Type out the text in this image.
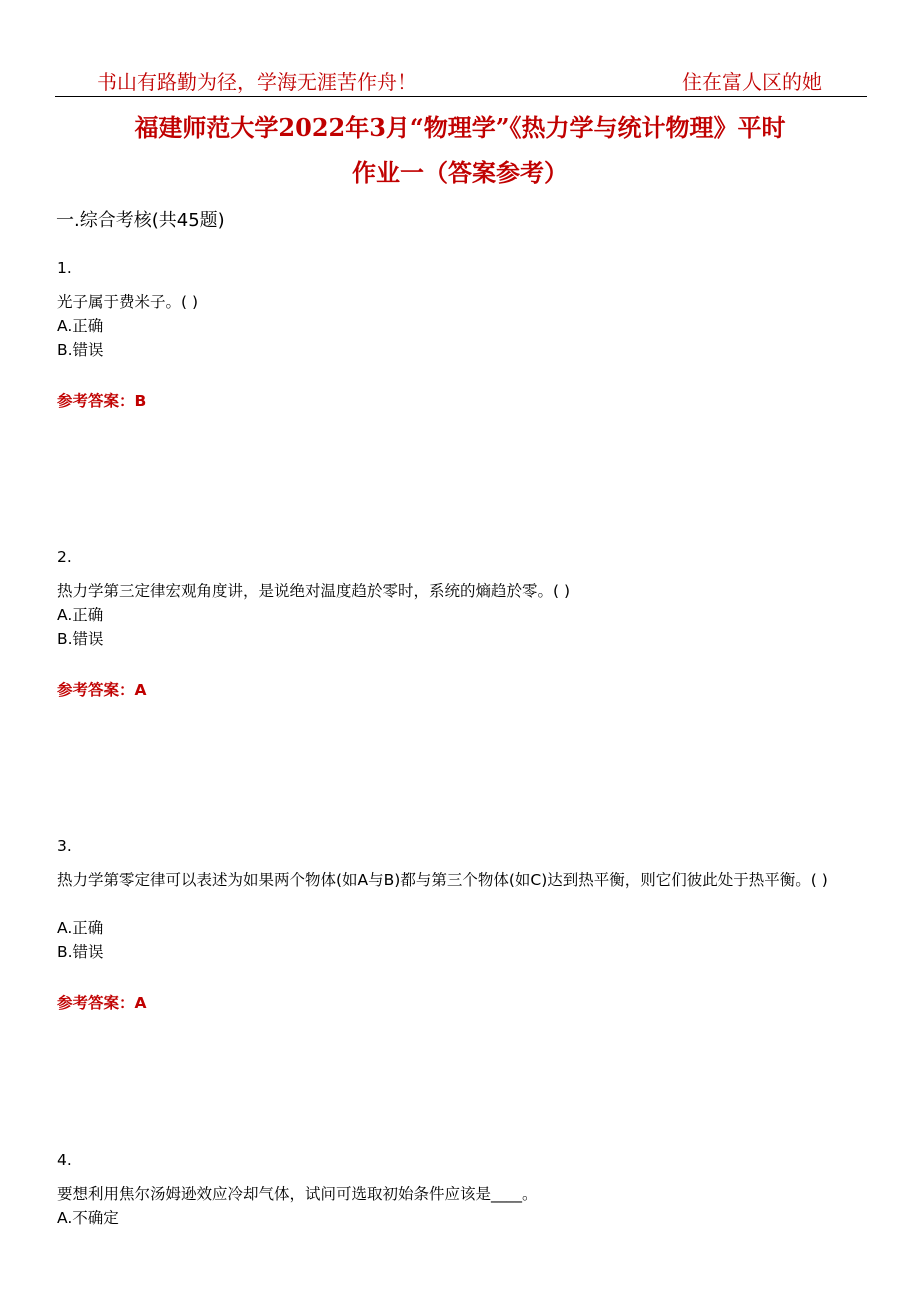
书山有路勤为径，学海无涯苦作舟！	住在富人区的她
福建师范大学2022年3月“物理学”《热力学与统计物理》平时
作业一（答案参考）
一.综合考核(共45题)
1.
光子属于费米子。( )
A.正确
B.错误
参考答案：B
2.
热力学第三定律宏观角度讲，是说绝对温度趋於零时，系统的熵趋於零。( )
A.正确
B.错误
参考答案：A
3.
热力学第零定律可以表述为如果两个物体(如A与B)都与第三个物体(如C)达到热平衡，则它们彼此处于热平衡。( )
A.正确
B.错误
参考答案：A
4.
要想利用焦尔汤姆逊效应冷却气体，试问可选取初始条件应该是____。
A.不确定
